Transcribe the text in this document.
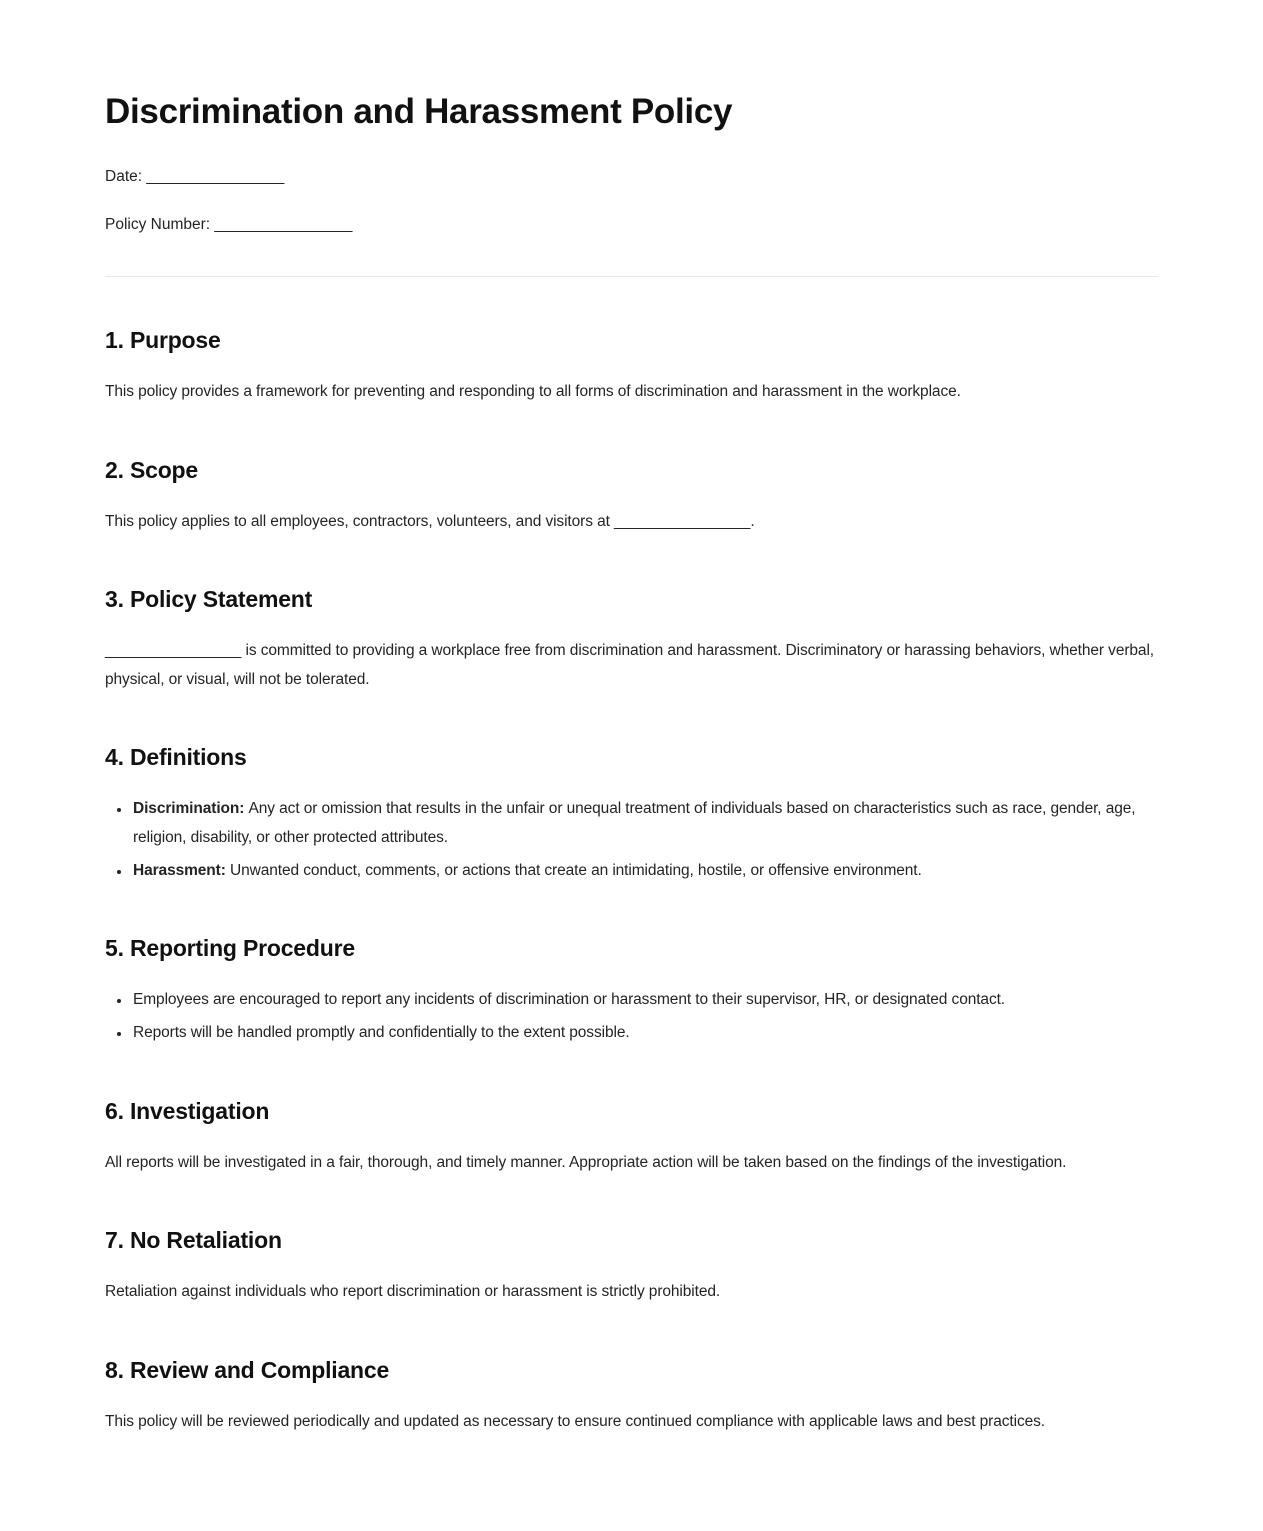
Discrimination and Harassment Policy

Date: ________________

Policy Number: ________________

1. Purpose

This policy provides a framework for preventing and responding to all forms of discrimination and harassment in the workplace.

2. Scope

This policy applies to all employees, contractors, volunteers, and visitors at ________________.

3. Policy Statement

________________ is committed to providing a workplace free from discrimination and harassment. Discriminatory or harassing behaviors, whether verbal, physical, or visual, will not be tolerated.

4. Definitions
• Discrimination: Any act or omission that results in the unfair or unequal treatment of individuals based on characteristics such as race, gender, age, religion, disability, or other protected attributes.
• Harassment: Unwanted conduct, comments, or actions that create an intimidating, hostile, or offensive environment.
5. Reporting Procedure
• Employees are encouraged to report any incidents of discrimination or harassment to their supervisor, HR, or designated contact.
• Reports will be handled promptly and confidentially to the extent possible.
6. Investigation

All reports will be investigated in a fair, thorough, and timely manner. Appropriate action will be taken based on the findings of the investigation.

7. No Retaliation

Retaliation against individuals who report discrimination or harassment is strictly prohibited.

8. Review and Compliance

This policy will be reviewed periodically and updated as necessary to ensure continued compliance with applicable laws and best practices.
